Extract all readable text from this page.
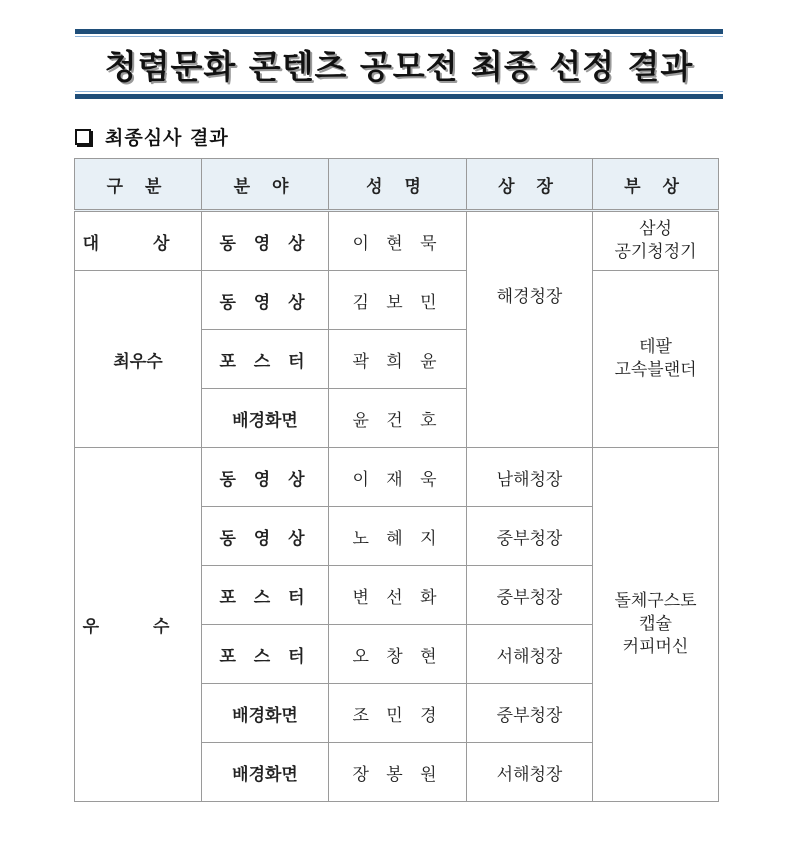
청렴문화 콘텐츠 공모전 최종 선정 결과
최종심사 결과
구 분	분 야	성 명	상 장	부 상
대 상	동 영 상	이 현 묵	해경청장	삼성
공기청정기

최우수	동 영 상	김 보 민		테팔
고속블랜더

	포 스 터	곽 희 윤		
	배경화면	윤 건 호		
우 수	동 영 상	이 재 욱	남해청장	돌체구스토
캡슐
커피머신

	동 영 상	노 혜 지	중부청장	
	포 스 터	변 선 화	중부청장	
	포 스 터	오 창 현	서해청장	
	배경화면	조 민 경	중부청장	
	배경화면	장 봉 원	서해청장	
